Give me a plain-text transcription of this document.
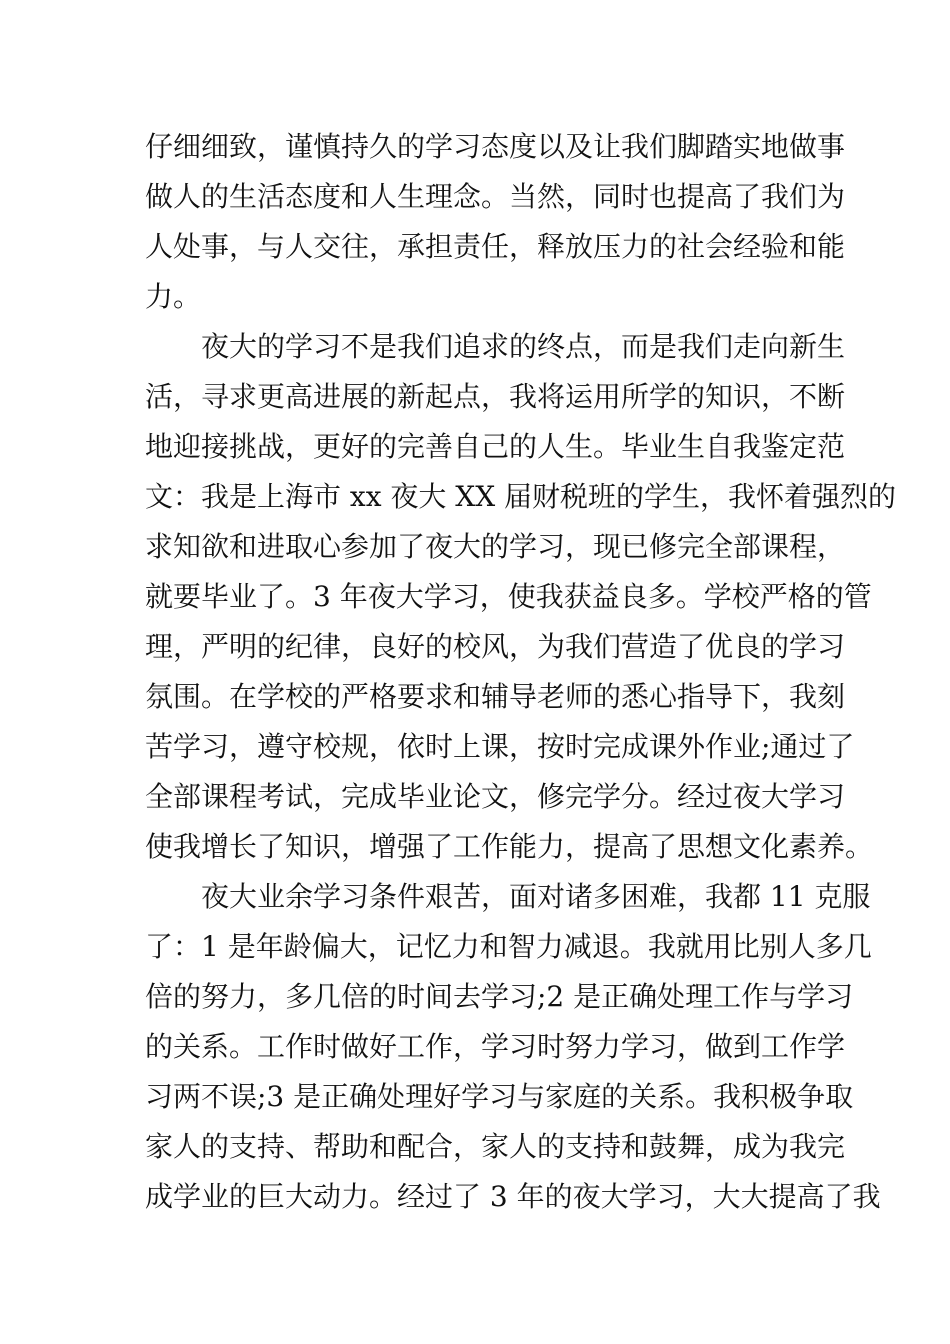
仔细细致，谨慎持久的学习态度以及让我们脚踏实地做事
做人的生活态度和人生理念。当然，同时也提高了我们为
人处事，与人交往，承担责任，释放压力的社会经验和能
力。
夜大的学习不是我们追求的终点，而是我们走向新生
活，寻求更高进展的新起点，我将运用所学的知识，不断
地迎接挑战，更好的完善自己的人生。毕业生自我鉴定范
文：我是上海市 xx 夜大 XX 届财税班的学生，我怀着强烈的
求知欲和进取心参加了夜大的学习，现已修完全部课程，
就要毕业了。3 年夜大学习，使我获益良多。学校严格的管
理，严明的纪律，良好的校风，为我们营造了优良的学习
氛围。在学校的严格要求和辅导老师的悉心指导下，我刻
苦学习，遵守校规，依时上课，按时完成课外作业;通过了
全部课程考试，完成毕业论文，修完学分。经过夜大学习
使我增长了知识，增强了工作能力，提高了思想文化素养。
夜大业余学习条件艰苦，面对诸多困难，我都 11 克服
了：1 是年龄偏大，记忆力和智力减退。我就用比别人多几
倍的努力，多几倍的时间去学习;2 是正确处理工作与学习
的关系。工作时做好工作，学习时努力学习，做到工作学
习两不误;3 是正确处理好学习与家庭的关系。我积极争取
家人的支持、帮助和配合，家人的支持和鼓舞，成为我完
成学业的巨大动力。经过了 3 年的夜大学习，大大提高了我
